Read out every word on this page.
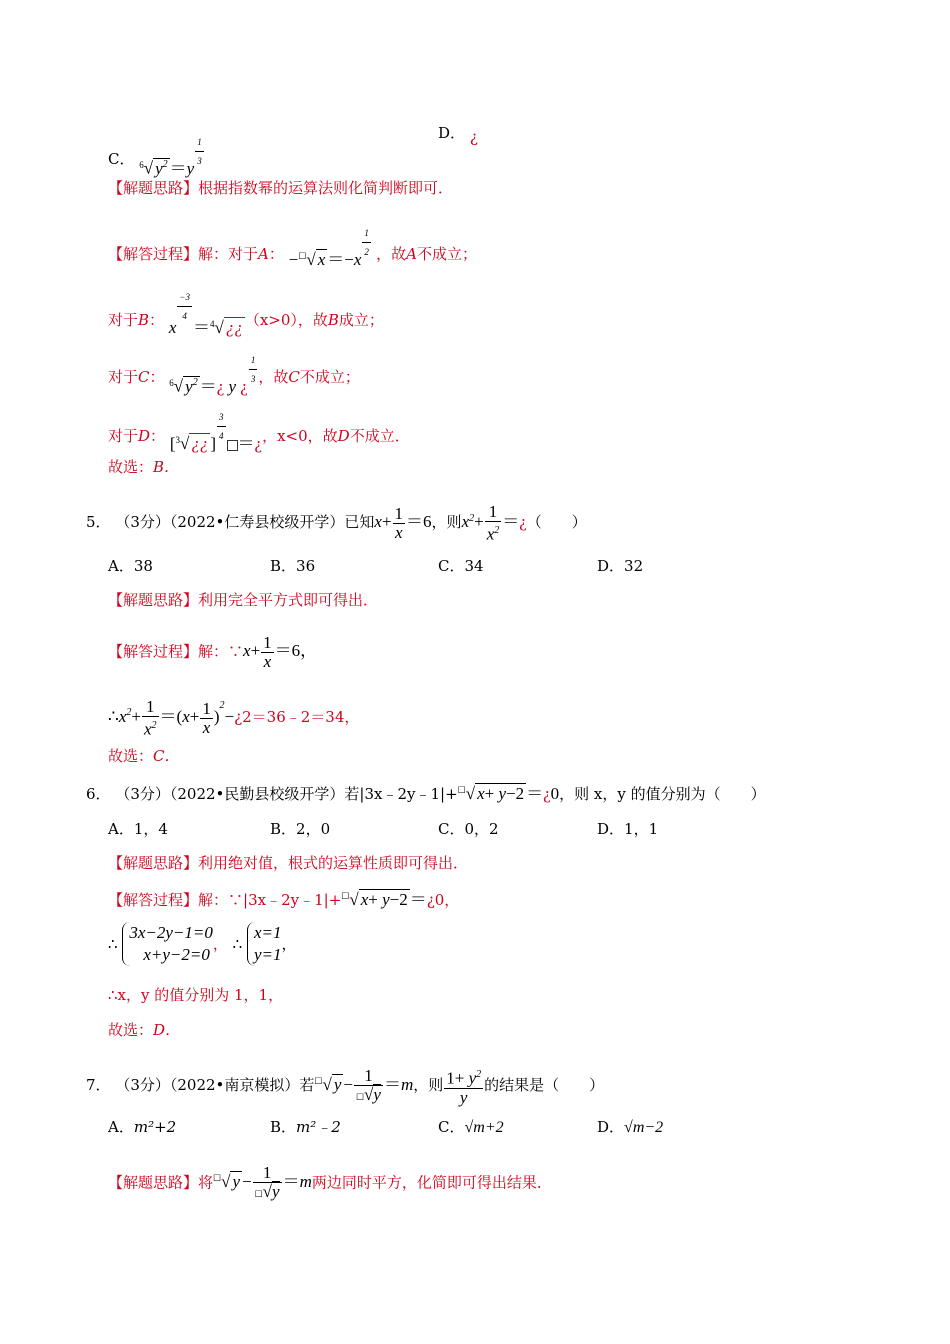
C． $^6$√ $y^2 =y \frac{1}{3}$	D． ¿
【解题思路】根据指数幂的运算法则化简判断即可．
【解答过程】解：对于A： −☐√ $x =-x \frac{1}{2}$ ，故A不成立；
对于B： x
$\frac{-3}{4}$
＝$^4$√ ¿¿ （x>0），故B成立；
对于C： $^6$√ $y^2$ ＝¿ y ¿ $\frac{1}{3}$ ，故C不成立；
对于D： [$^3$√ ¿¿ ] $\frac{3}{4}$ ＝¿，x<0，故D不成立．
故选：B．
5． （3分）（2022•仁寿县校级开学）已知$x+ \frac{1}{x} =6$，则$x^2+ \frac{1}{x^2}$ ＝¿（　　）
A．38	B．36	C．34	D．32
【解题思路】利用完全平方式即可得出．
【解答过程】解：∵x+ $\frac{1}{x} =6$，
$\therefore x^2+ \frac{1}{x^2} =(x+ \frac{1}{x}$ )$^2-¿2=36﹣2=34$，
故选：C．
6． （3分）（2022•民勤县校级开学）若|3x﹣2y﹣1|+☐√ x+ y−2 ＝¿0，则 x，y 的值分别为（　　）
A．1，4	B．2，0	C．0，2	D．1，1
【解题思路】利用绝对值，根式的运算性质即可得出．
【解答过程】解：∵|3x﹣2y﹣1|+☐√ x+ y−2 ＝¿0，
∴
3x−2y−1=0
x+y−2=0
， ∴
x=1
y=1
，
∴x，y 的值分别为 1，1，
故选：D．
7． （3分）（2022•南京模拟）若☐√ $y - \frac{1}{☐√y} =m$，则 $\frac{1+ y^2}{y}$ 的结果是（　　）
A．m²+2	B．m²﹣2	C．√m+2	D．√m−2
【解题思路】将☐√ $y - \frac{1}{☐√y} =m$两边同时平方，化简即可得出结果．
